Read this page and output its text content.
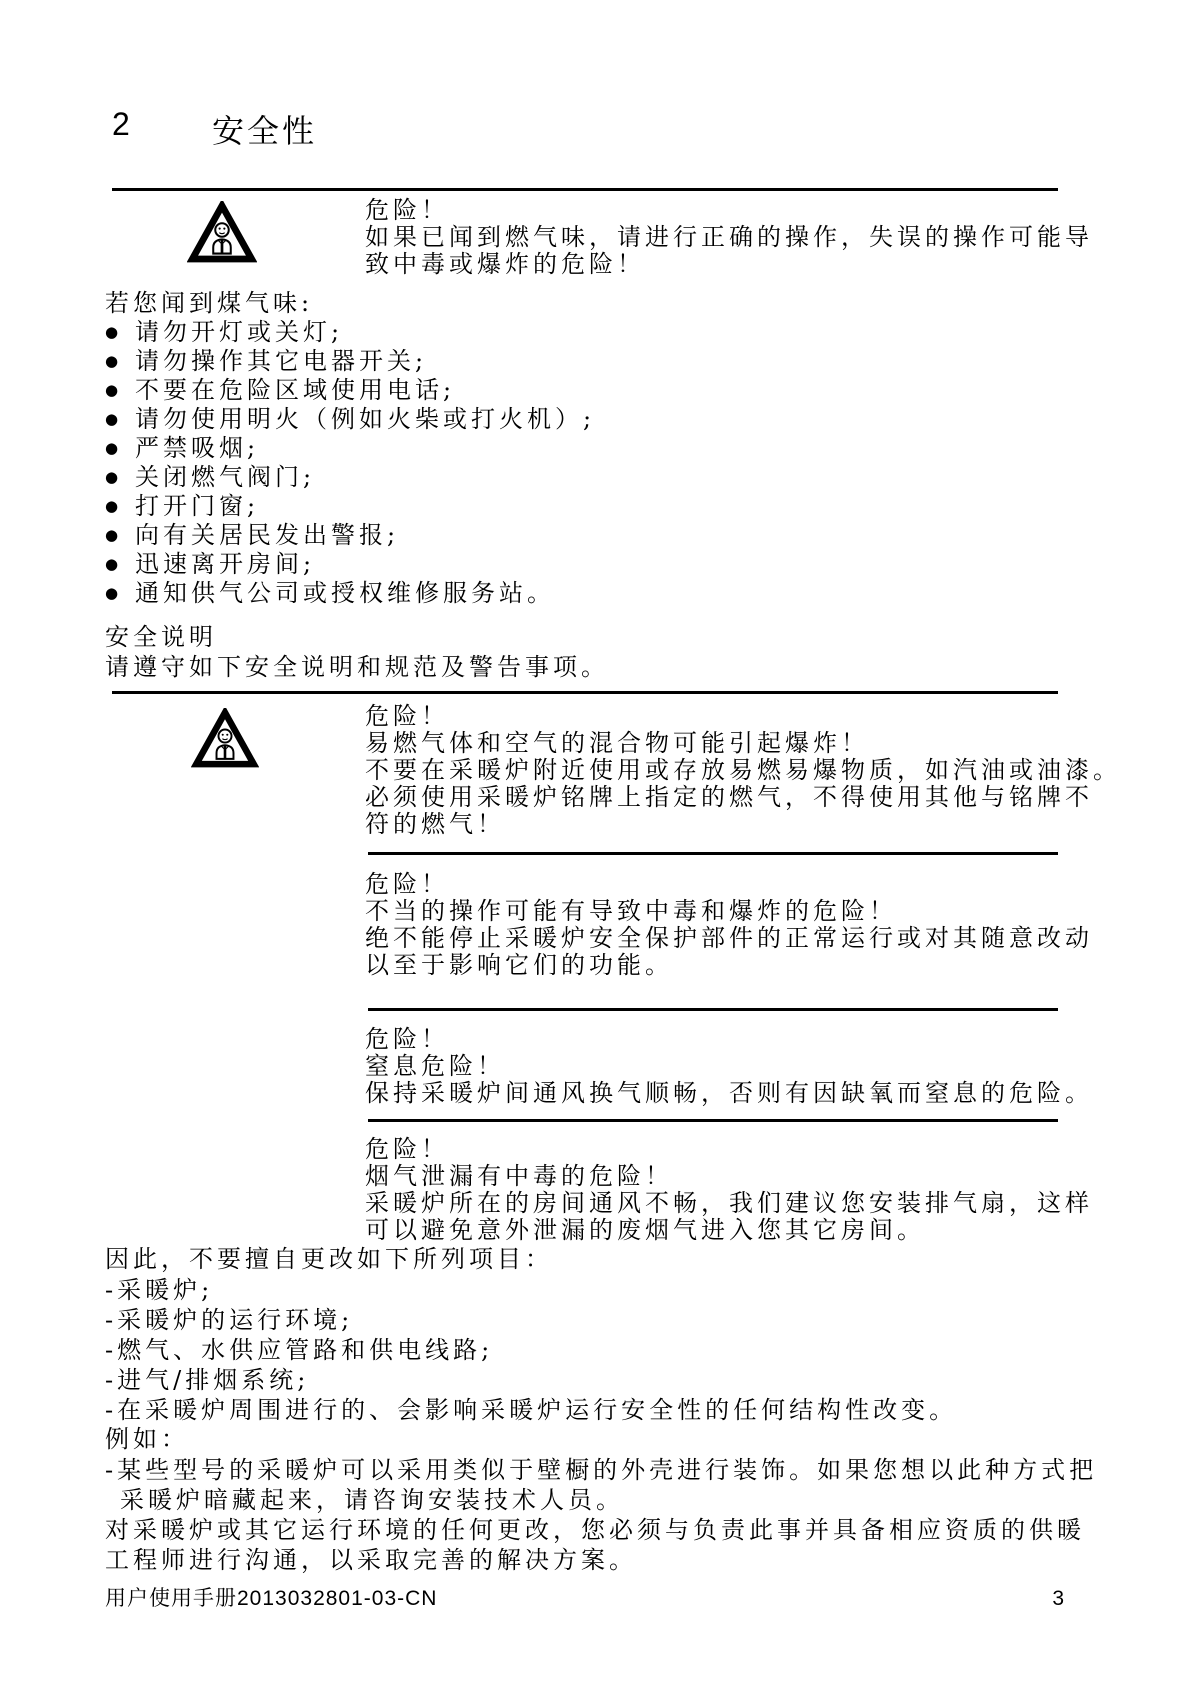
2	安全性
危险！
如果已闻到燃气味，请进行正确的操作，失误的操作可能导
致中毒或爆炸的危险！
若您闻到煤气味:
● 请勿开灯或关灯;
● 请勿操作其它电器开关;
● 不要在危险区域使用电话;
● 请勿使用明火（例如火柴或打火机）;
● 严禁吸烟;
● 关闭燃气阀门;
● 打开门窗;
● 向有关居民发出警报;
● 迅速离开房间;
● 通知供气公司或授权维修服务站。
安全说明
请遵守如下安全说明和规范及警告事项。
危险！
易燃气体和空气的混合物可能引起爆炸！
不要在采暖炉附近使用或存放易燃易爆物质，如汽油或油漆。
必须使用采暖炉铭牌上指定的燃气，不得使用其他与铭牌不
符的燃气！
危险！
不当的操作可能有导致中毒和爆炸的危险！
绝不能停止采暖炉安全保护部件的正常运行或对其随意改动
以至于影响它们的功能。
危险！
窒息危险！
保持采暖炉间通风换气顺畅，否则有因缺氧而窒息的危险。
危险！
烟气泄漏有中毒的危险！
采暖炉所在的房间通风不畅，我们建议您安装排气扇，这样
可以避免意外泄漏的废烟气进入您其它房间。
因此，不要擅自更改如下所列项目：
-采暖炉;
-采暖炉的运行环境;
-燃气、水供应管路和供电线路;
-进气/排烟系统;
-在采暖炉周围进行的、会影响采暖炉运行安全性的任何结构性改变。
例如：
-某些型号的采暖炉可以采用类似于壁橱的外壳进行装饰。如果您想以此种方式把
采暖炉暗藏起来，请咨询安装技术人员。
对采暖炉或其它运行环境的任何更改，您必须与负责此事并具备相应资质的供暖
工程师进行沟通，以采取完善的解决方案。
用户使用手册2013032801-03-CN	3
